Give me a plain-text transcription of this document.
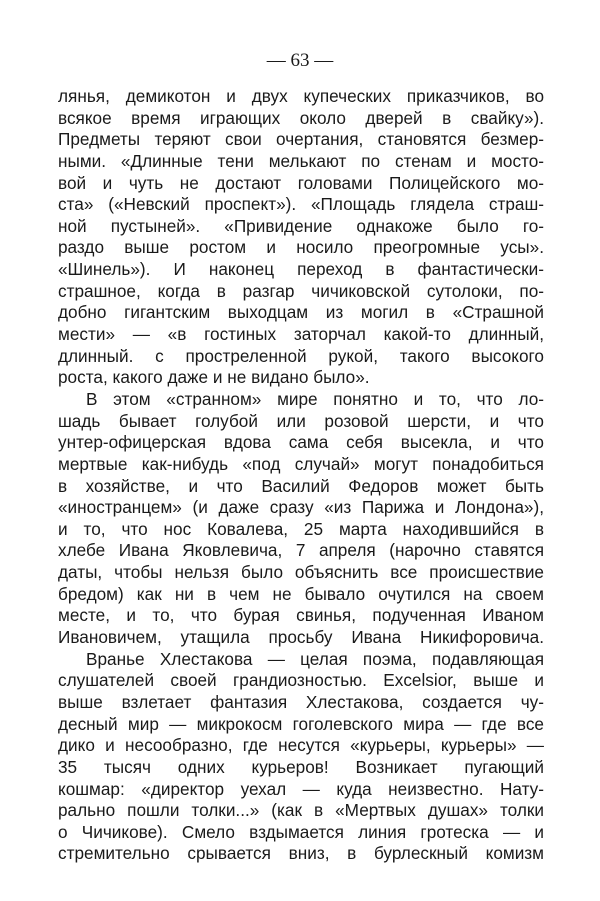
— 63 —
лянья, демикотон и двух купеческих приказчиков, во
всякое время играющих около дверей в свайку»).
Предметы теряют свои очертания, становятся безмер-
ными. «Длинные тени мелькают по стенам и мосто-
вой и чуть не достают головами Полицейского мо-
ста» («Невский проспект»). «Площадь глядела страш-
ной пустыней». «Привидение однакоже было го-
раздо выше ростом и носило преогромные усы».
«Шинель»). И наконец переход в фантастически-
страшное, когда в разгар чичиковской сутолоки, по-
добно гигантским выходцам из могил в «Страшной
мести» — «в гостиных заторчал какой-то длинный,
длинный. с простреленной рукой, такого высокого
роста, какого даже и не видано было».
В этом «странном» мире понятно и то, что ло-
шадь бывает голубой или розовой шерсти, и что
унтер-офицерская вдова сама себя высекла, и что
мертвые как-нибудь «под случай» могут понадобиться
в хозяйстве, и что Василий Федоров может быть
«иностранцем» (и даже сразу «из Парижа и Лондона»),
и то, что нос Ковалева, 25 марта находившийся в
хлебе Ивана Яковлевича, 7 апреля (нарочно ставятся
даты, чтобы нельзя было объяснить все происшествие
бредом) как ни в чем не бывало очутился на своем
месте, и то, что бурая свинья, подученная Иваном
Ивановичем, утащила просьбу Ивана Никифоровича.
Вранье Хлестакова — целая поэма, подавляющая
слушателей своей грандиозностью. Excelsior, выше и
выше взлетает фантазия Хлестакова, создается чу-
десный мир — микрокосм гоголевского мира — где все
дико и несообразно, где несутся «курьеры, курьеры» —
35 тысяч одних курьеров! Возникает пугающий
кошмар: «директор уехал — куда неизвестно. Нату-
рально пошли толки...» (как в «Мертвых душах» толки
о Чичикове). Смело вздымается линия гротеска — и
стремительно срывается вниз, в бурлескный комизм
